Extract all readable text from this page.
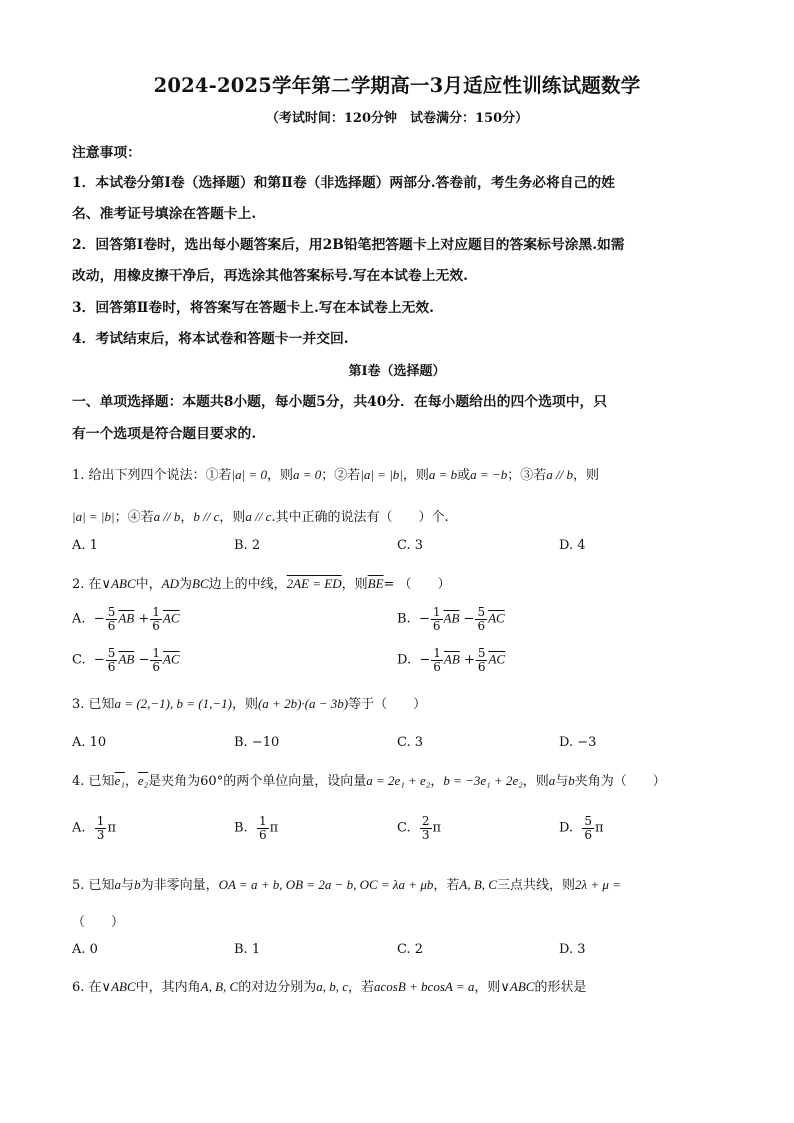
2024-2025学年第二学期高一3月适应性训练试题数学
（考试时间：120分钟　试卷满分：150分）
注意事项：
1．本试卷分第Ⅰ卷（选择题）和第Ⅱ卷（非选择题）两部分.答卷前，考生务必将自己的姓
名、准考证号填涂在答题卡上.
2．回答第Ⅰ卷时，选出每小题答案后，用2B铅笔把答题卡上对应题目的答案标号涂黑.如需
改动，用橡皮擦干净后，再选涂其他答案标号.写在本试卷上无效.
3．回答第Ⅱ卷时，将答案写在答题卡上.写在本试卷上无效.
4．考试结束后，将本试卷和答题卡一并交回.
第Ⅰ卷（选择题）
一、单项选择题：本题共8小题，每小题5分，共40分．在每小题给出的四个选项中，只
有一个选项是符合题目要求的.
1. 给出下列四个说法：①若|a| = 0，则a = 0；②若|a| = |b|，则a = b或a = −b；③若a // b，则
|a| = |b|；④若a // b，b // c，则a // c.其中正确的说法有（　　）个.
A. 1	B. 2	C. 3	D. 4
2. 在∨ABC中，AD为BC边上的中线，2AE = ED，则$\overline{BE}=$ （　　）
A. − $\frac{5}{6} \overline{AB} + \frac{1}{6} \overline{AC}$	B. − $\frac{1}{6} \overline{AB} - \frac{5}{6} \overline{AC}$
C. − $\frac{5}{6} \overline{AB} - \frac{1}{6} \overline{AC}$	D. − $\frac{1}{6} \overline{AB} + \frac{5}{6} \overline{AC}$
3. 已知a = (2,−1), b = (1,−1)，则(a + 2b)·(a − 3b)等于（　　）
A. 10	B. −10	C. 3	D. −3
4. 已知e₁，e₂是夹角为60°的两个单位向量，设向量a = 2e₁ + e₂，b = −3e₁ + 2e₂，则a与b夹角为（　　）
A. $\frac{1}{3}$ π	B. $\frac{1}{6}$ π	C. $\frac{2}{3}$ π	D. $\frac{5}{6}$ π
5. 已知a与b为非零向量，OA = a + b, OB = 2a − b, OC = λa + μb，若A, B, C三点共线，则2λ + μ =
（　　）
A. 0	B. 1	C. 2	D. 3
6. 在∨ABC中，其内角A, B, C的对边分别为a, b, c，若acosB + bcosA = a，则∨ABC的形状是
